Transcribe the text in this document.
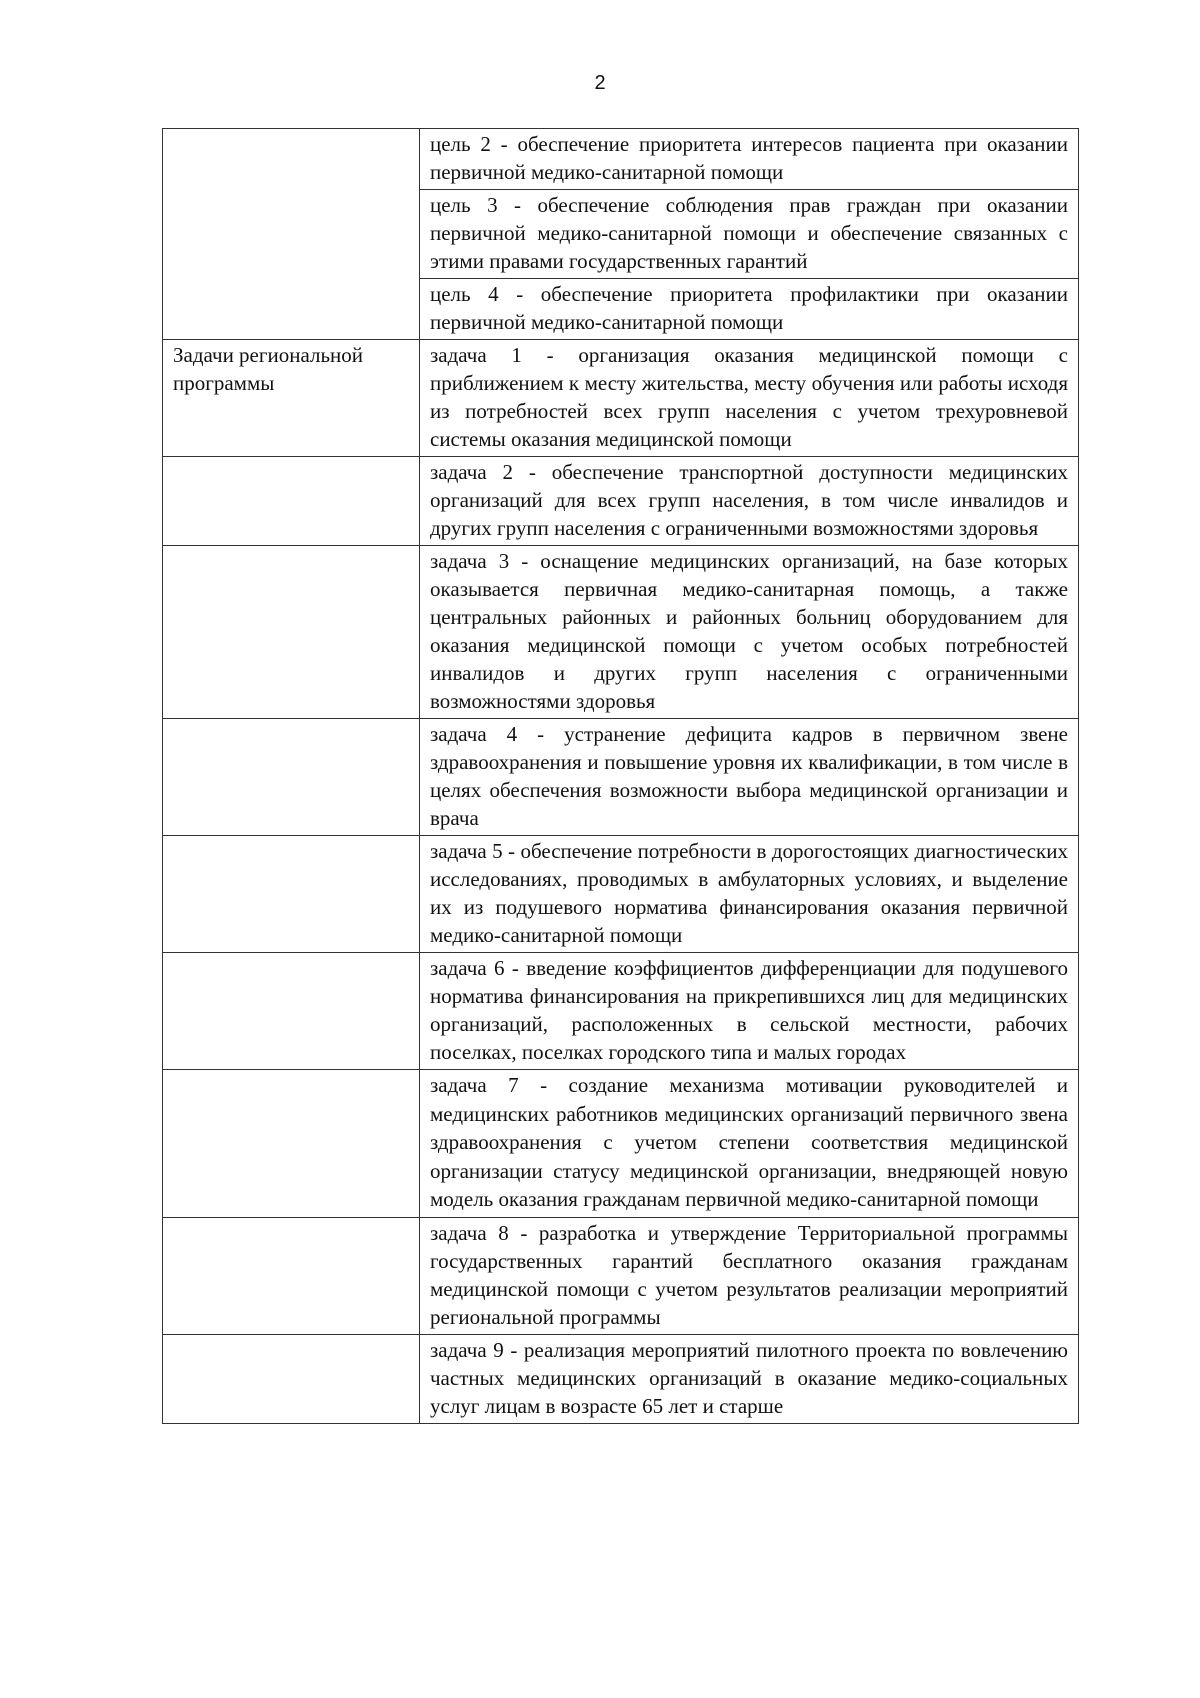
2
	цель 2 - обеспечение приоритета интересов пациента при оказании первичной медико-санитарной помощи
	цель 3 - обеспечение соблюдения прав граждан при оказании первичной медико-санитарной помощи и обеспечение связанных с этими правами государственных гарантий
	цель 4 - обеспечение приоритета профилактики при оказании первичной медико-санитарной помощи
Задачи региональной программы	задача 1 - организация оказания медицинской помощи с приближением к месту жительства, месту обучения или работы исходя из потребностей всех групп населения с учетом трехуровневой системы оказания медицинской помощи
	задача 2 - обеспечение транспортной доступности медицинских организаций для всех групп населения, в том числе инвалидов и других групп населения с ограниченными возможностями здоровья
	задача 3 - оснащение медицинских организаций, на базе которых оказывается первичная медико-санитарная помощь, а также центральных районных и районных больниц оборудованием для оказания медицинской помощи с учетом особых потребностей инвалидов и других групп населения с ограниченными возможностями здоровья
	задача 4 - устранение дефицита кадров в первичном звене здравоохранения и повышение уровня их квалификации, в том числе в целях обеспечения возможности выбора медицинской организации и врача
	задача 5 - обеспечение потребности в дорогостоящих диагностических исследованиях, проводимых в амбулаторных условиях, и выделение их из подушевого норматива финансирования оказания первичной медико-санитарной помощи
	задача 6 - введение коэффициентов дифференциации для подушевого норматива финансирования на прикрепившихся лиц для медицинских организаций, расположенных в сельской местности, рабочих поселках, поселках городского типа и малых городах
	задача 7 - создание механизма мотивации руководителей и медицинских работников медицинских организаций первичного звена здравоохранения с учетом степени соответствия медицинской организации статусу медицинской организации, внедряющей новую модель оказания гражданам первичной медико-санитарной помощи
	задача 8 - разработка и утверждение Территориальной программы государственных гарантий бесплатного оказания гражданам медицинской помощи с учетом результатов реализации мероприятий региональной программы
	задача 9 - реализация мероприятий пилотного проекта по вовлечению частных медицинских организаций в оказание медико-социальных услуг лицам в возрасте 65 лет и старше
